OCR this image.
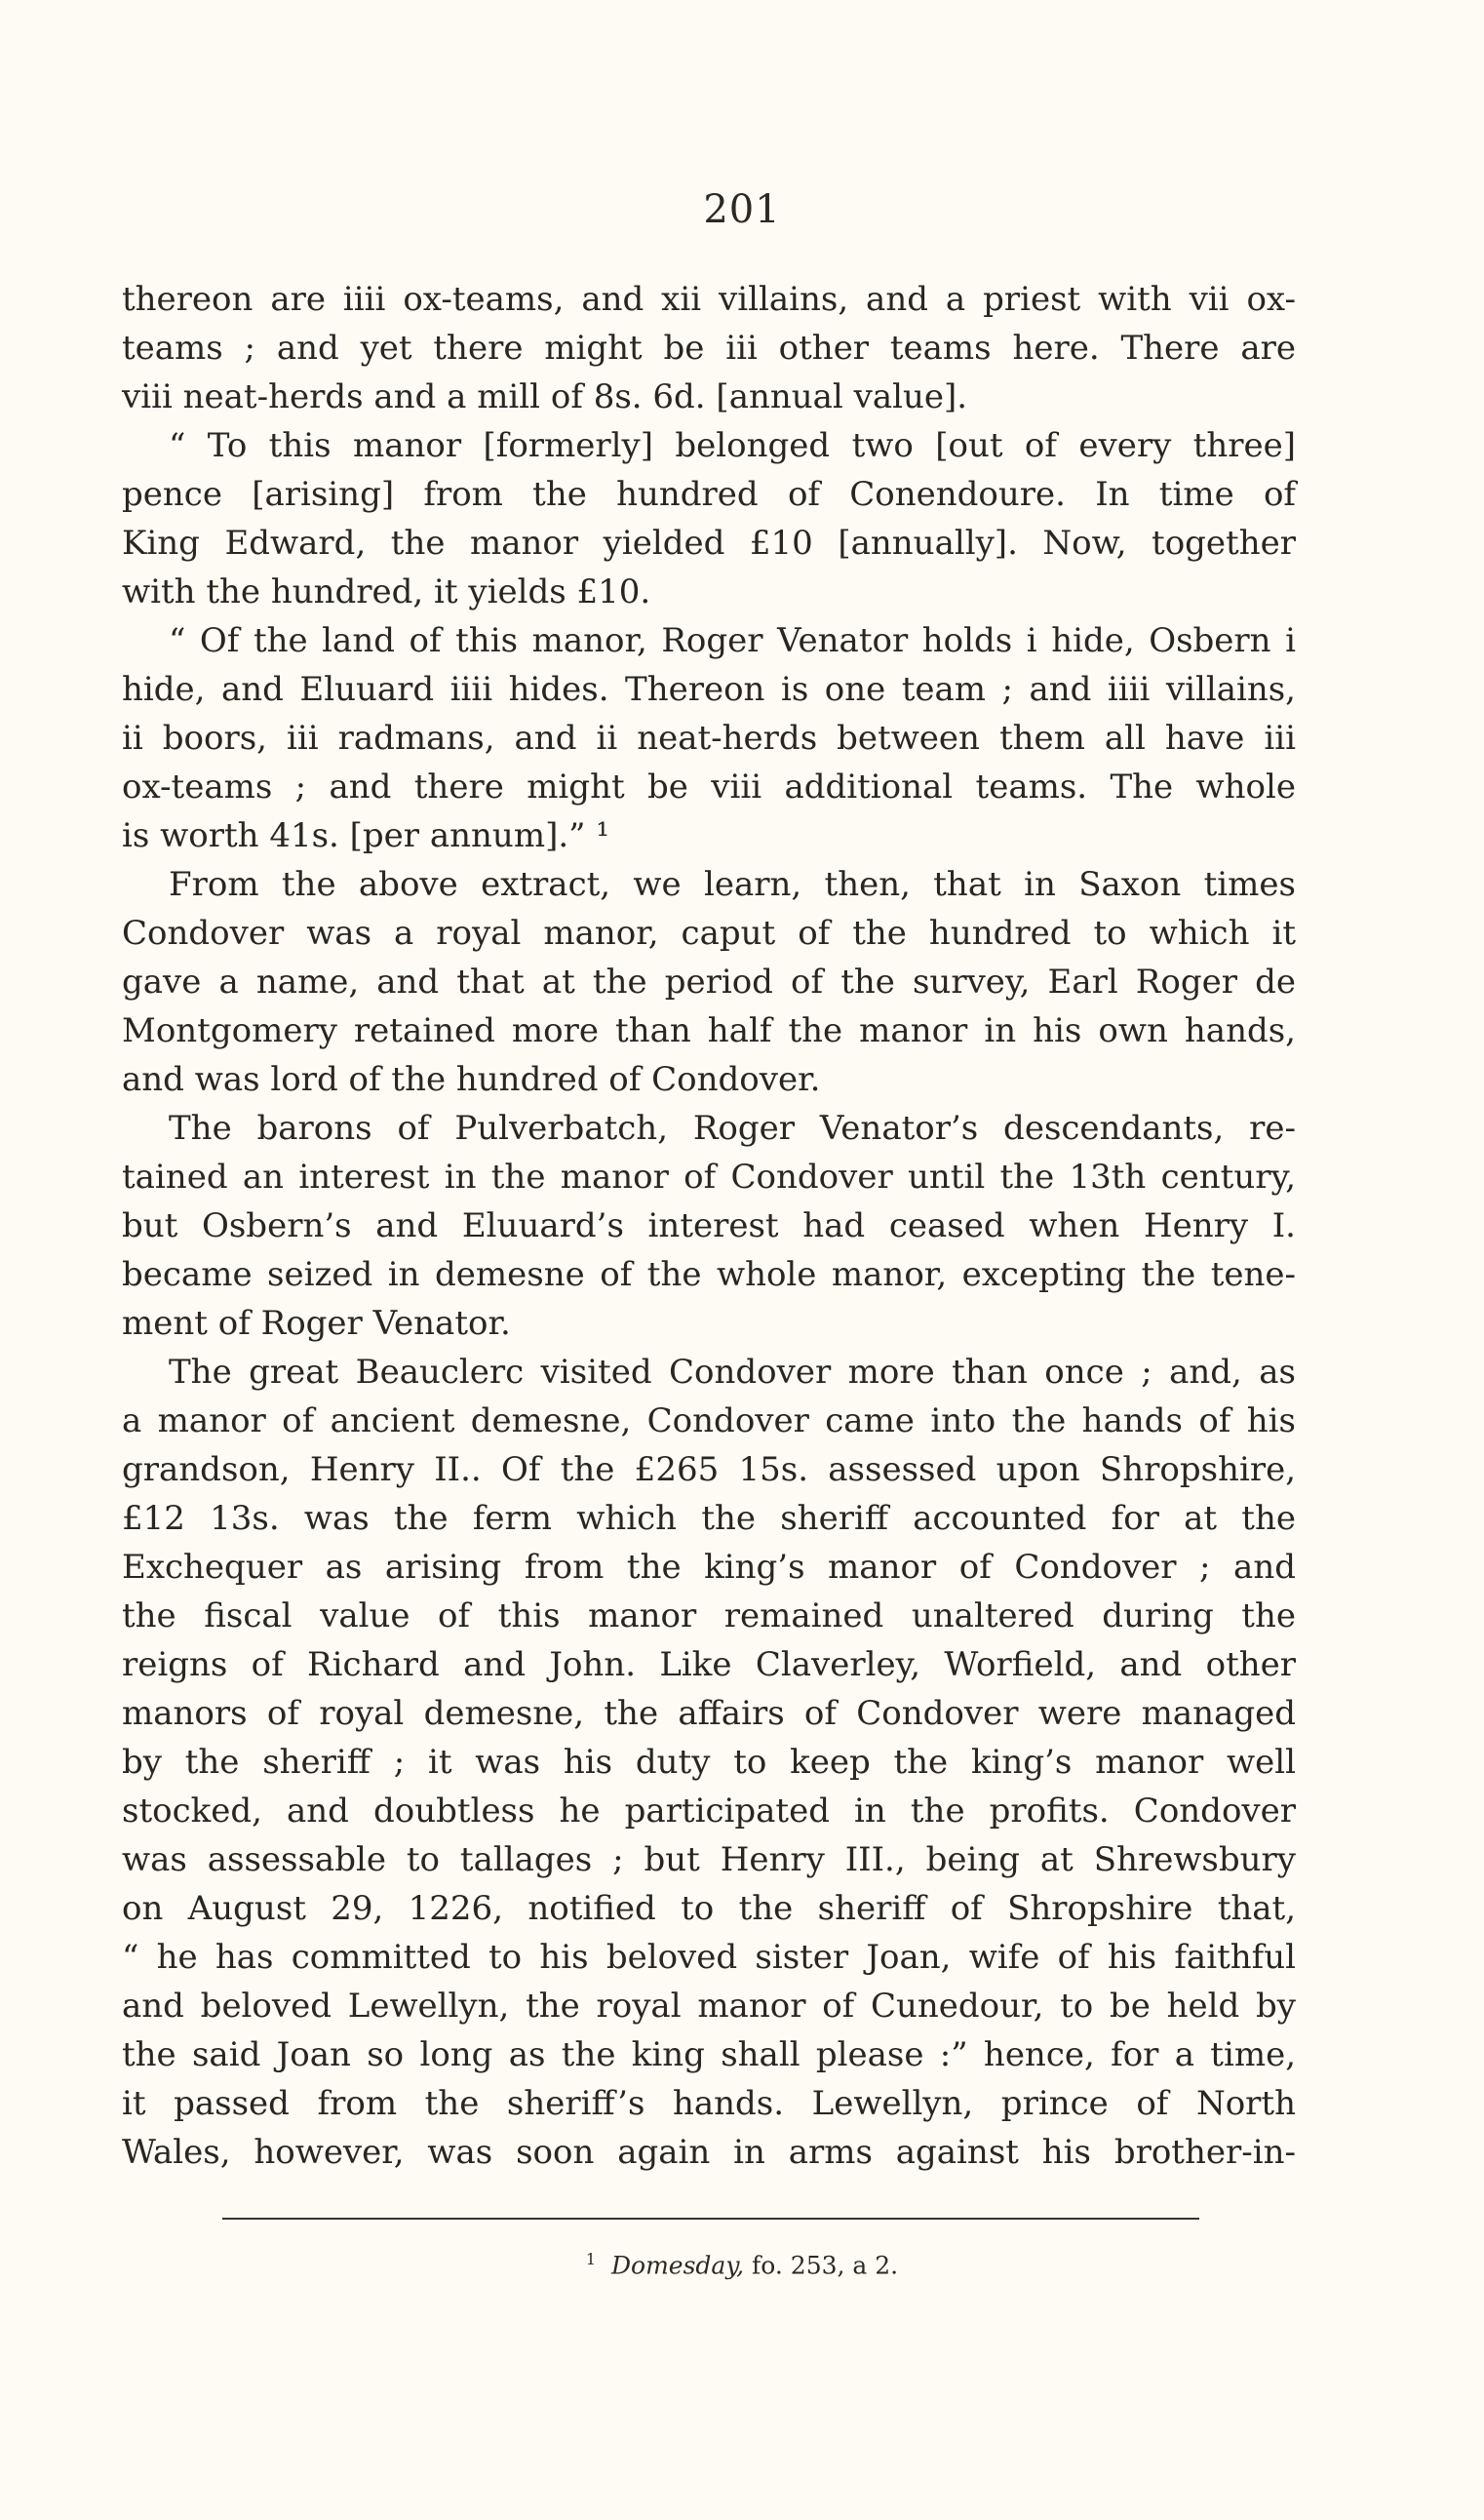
201
thereon are iiii ox-teams, and xii villains, and a priest with vii ox-
teams ; and yet there might be iii other teams here. There are
viii neat-herds and a mill of 8s. 6d. [annual value].
“ To this manor [formerly] belonged two [out of every three]
pence [arising] from the hundred of Conendoure. In time of
King Edward, the manor yielded £10 [annually]. Now, together
with the hundred, it yields £10.
“ Of the land of this manor, Roger Venator holds i hide, Osbern i
hide, and Eluuard iiii hides. Thereon is one team ; and iiii villains,
ii boors, iii radmans, and ii neat-herds between them all have iii
ox-teams ; and there might be viii additional teams. The whole
is worth 41s. [per annum].” ¹
From the above extract, we learn, then, that in Saxon times
Condover was a royal manor, caput of the hundred to which it
gave a name, and that at the period of the survey, Earl Roger de
Montgomery retained more than half the manor in his own hands,
and was lord of the hundred of Condover.
The barons of Pulverbatch, Roger Venator’s descendants, re-
tained an interest in the manor of Condover until the 13th century,
but Osbern’s and Eluuard’s interest had ceased when Henry I.
became seized in demesne of the whole manor, excepting the tene-
ment of Roger Venator.
The great Beauclerc visited Condover more than once ; and, as
a manor of ancient demesne, Condover came into the hands of his
grandson, Henry II.. Of the £265 15s. assessed upon Shropshire,
£12 13s. was the ferm which the sheriff accounted for at the
Exchequer as arising from the king’s manor of Condover ; and
the fiscal value of this manor remained unaltered during the
reigns of Richard and John. Like Claverley, Worfield, and other
manors of royal demesne, the affairs of Condover were managed
by the sheriff ; it was his duty to keep the king’s manor well
stocked, and doubtless he participated in the profits. Condover
was assessable to tallages ; but Henry III., being at Shrewsbury
on August 29, 1226, notified to the sheriff of Shropshire that,
“ he has committed to his beloved sister Joan, wife of his faithful
and beloved Lewellyn, the royal manor of Cunedour, to be held by
the said Joan so long as the king shall please :” hence, for a time,
it passed from the sheriff’s hands. Lewellyn, prince of North
Wales, however, was soon again in arms against his brother-in-
$^1$ Domesday, fo. 253, a 2.
